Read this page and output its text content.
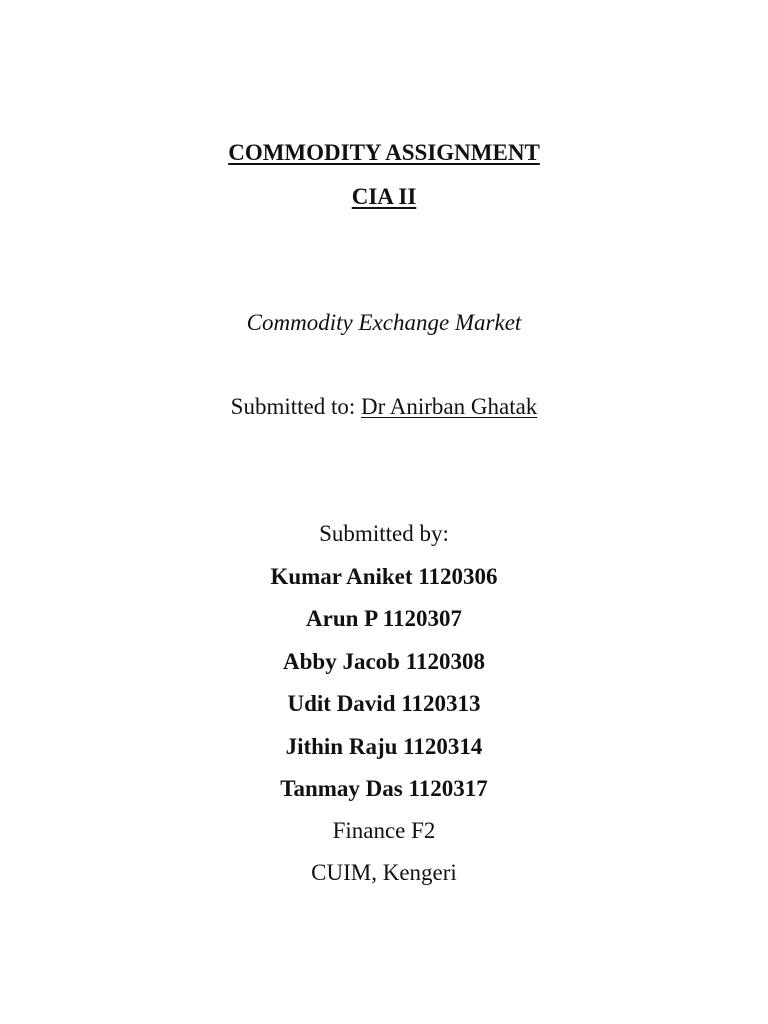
COMMODITY ASSIGNMENT
CIA II
Commodity Exchange Market
Submitted to: Dr Anirban Ghatak
Submitted by:
Kumar Aniket 1120306
Arun P 1120307
Abby Jacob 1120308
Udit David 1120313
Jithin Raju 1120314
Tanmay Das 1120317
Finance F2
CUIM, Kengeri
